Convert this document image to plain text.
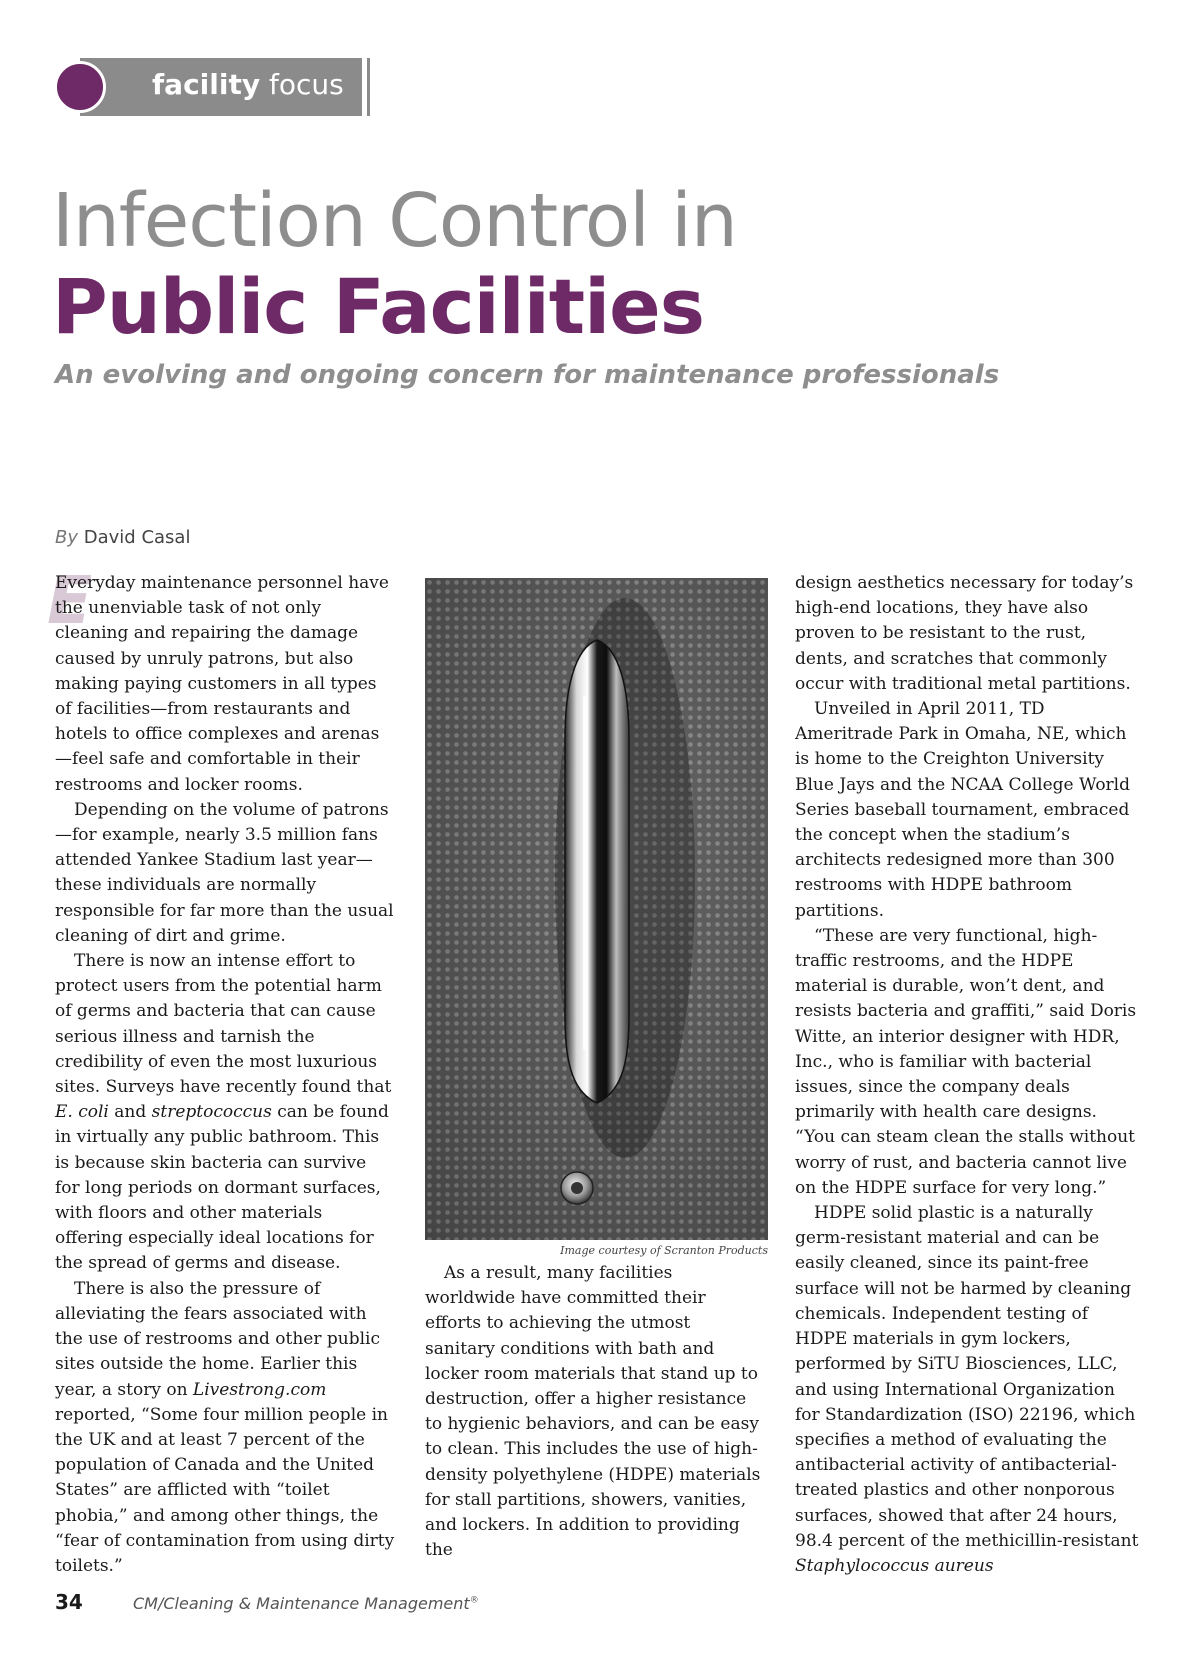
facility focus
Infection Control in
Public Facilities
An evolving and ongoing concern for maintenance professionals
By David Casal
E

Everyday maintenance personnel have the unenviable task of not only cleaning and repairing the damage caused by unruly patrons, but also making paying customers in all types of facilities—from restaurants and hotels to office complexes and arenas—feel safe and comfortable in their restrooms and locker rooms.

Depending on the volume of patrons—for example, nearly 3.5 million fans attended Yankee Stadium last year—these individuals are normally responsible for far more than the usual cleaning of dirt and grime.

There is now an intense effort to protect users from the potential harm of germs and bacteria that can cause serious illness and tarnish the credibility of even the most luxurious sites. Surveys have recently found that E. coli and streptococcus can be found in virtually any public bathroom. This is because skin bacteria can survive for long periods on dormant surfaces, with floors and other materials offering especially ideal locations for the spread of germs and disease.

There is also the pressure of alleviating the fears associated with the use of restrooms and other public sites outside the home. Earlier this year, a story on Livestrong.com reported, “Some four million people in the UK and at least 7 percent of the population of Canada and the United States” are afflicted with “toilet phobia,” and among other things, the “fear of contamination from using dirty toilets.”

Image courtesy of Scranton Products

As a result, many facilities worldwide have committed their efforts to achieving the utmost sanitary conditions with bath and locker room materials that stand up to destruction, offer a higher resistance to hygienic behaviors, and can be easy to clean. This includes the use of high-density polyethylene (HDPE) materials for stall partitions, showers, vanities, and lockers. In addition to providing the

design aesthetics necessary for today’s high-end locations, they have also proven to be resistant to the rust, dents, and scratches that commonly occur with traditional metal partitions.

Unveiled in April 2011, TD Ameritrade Park in Omaha, NE, which is home to the Creighton University Blue Jays and the NCAA College World Series baseball tournament, embraced the concept when the stadium’s architects redesigned more than 300 restrooms with HDPE bathroom partitions.

“These are very functional, high-traffic restrooms, and the HDPE material is durable, won’t dent, and resists bacteria and graffiti,” said Doris Witte, an interior designer with HDR, Inc., who is familiar with bacterial issues, since the company deals primarily with health care designs. “You can steam clean the stalls without worry of rust, and bacteria cannot live on the HDPE surface for very long.”

HDPE solid plastic is a naturally germ-resistant material and can be easily cleaned, since its paint-free surface will not be harmed by cleaning chemicals. Independent testing of HDPE materials in gym lockers, performed by SiTU Biosciences, LLC, and using International Organization for Standardization (ISO) 22196, which specifies a method of evaluating the antibacterial activity of antibacterial-treated plastics and other nonporous surfaces, showed that after 24 hours, 98.4 percent of the methicillin-resistant Staphylococcus aureus

34	CM/Cleaning & Maintenance Management®
